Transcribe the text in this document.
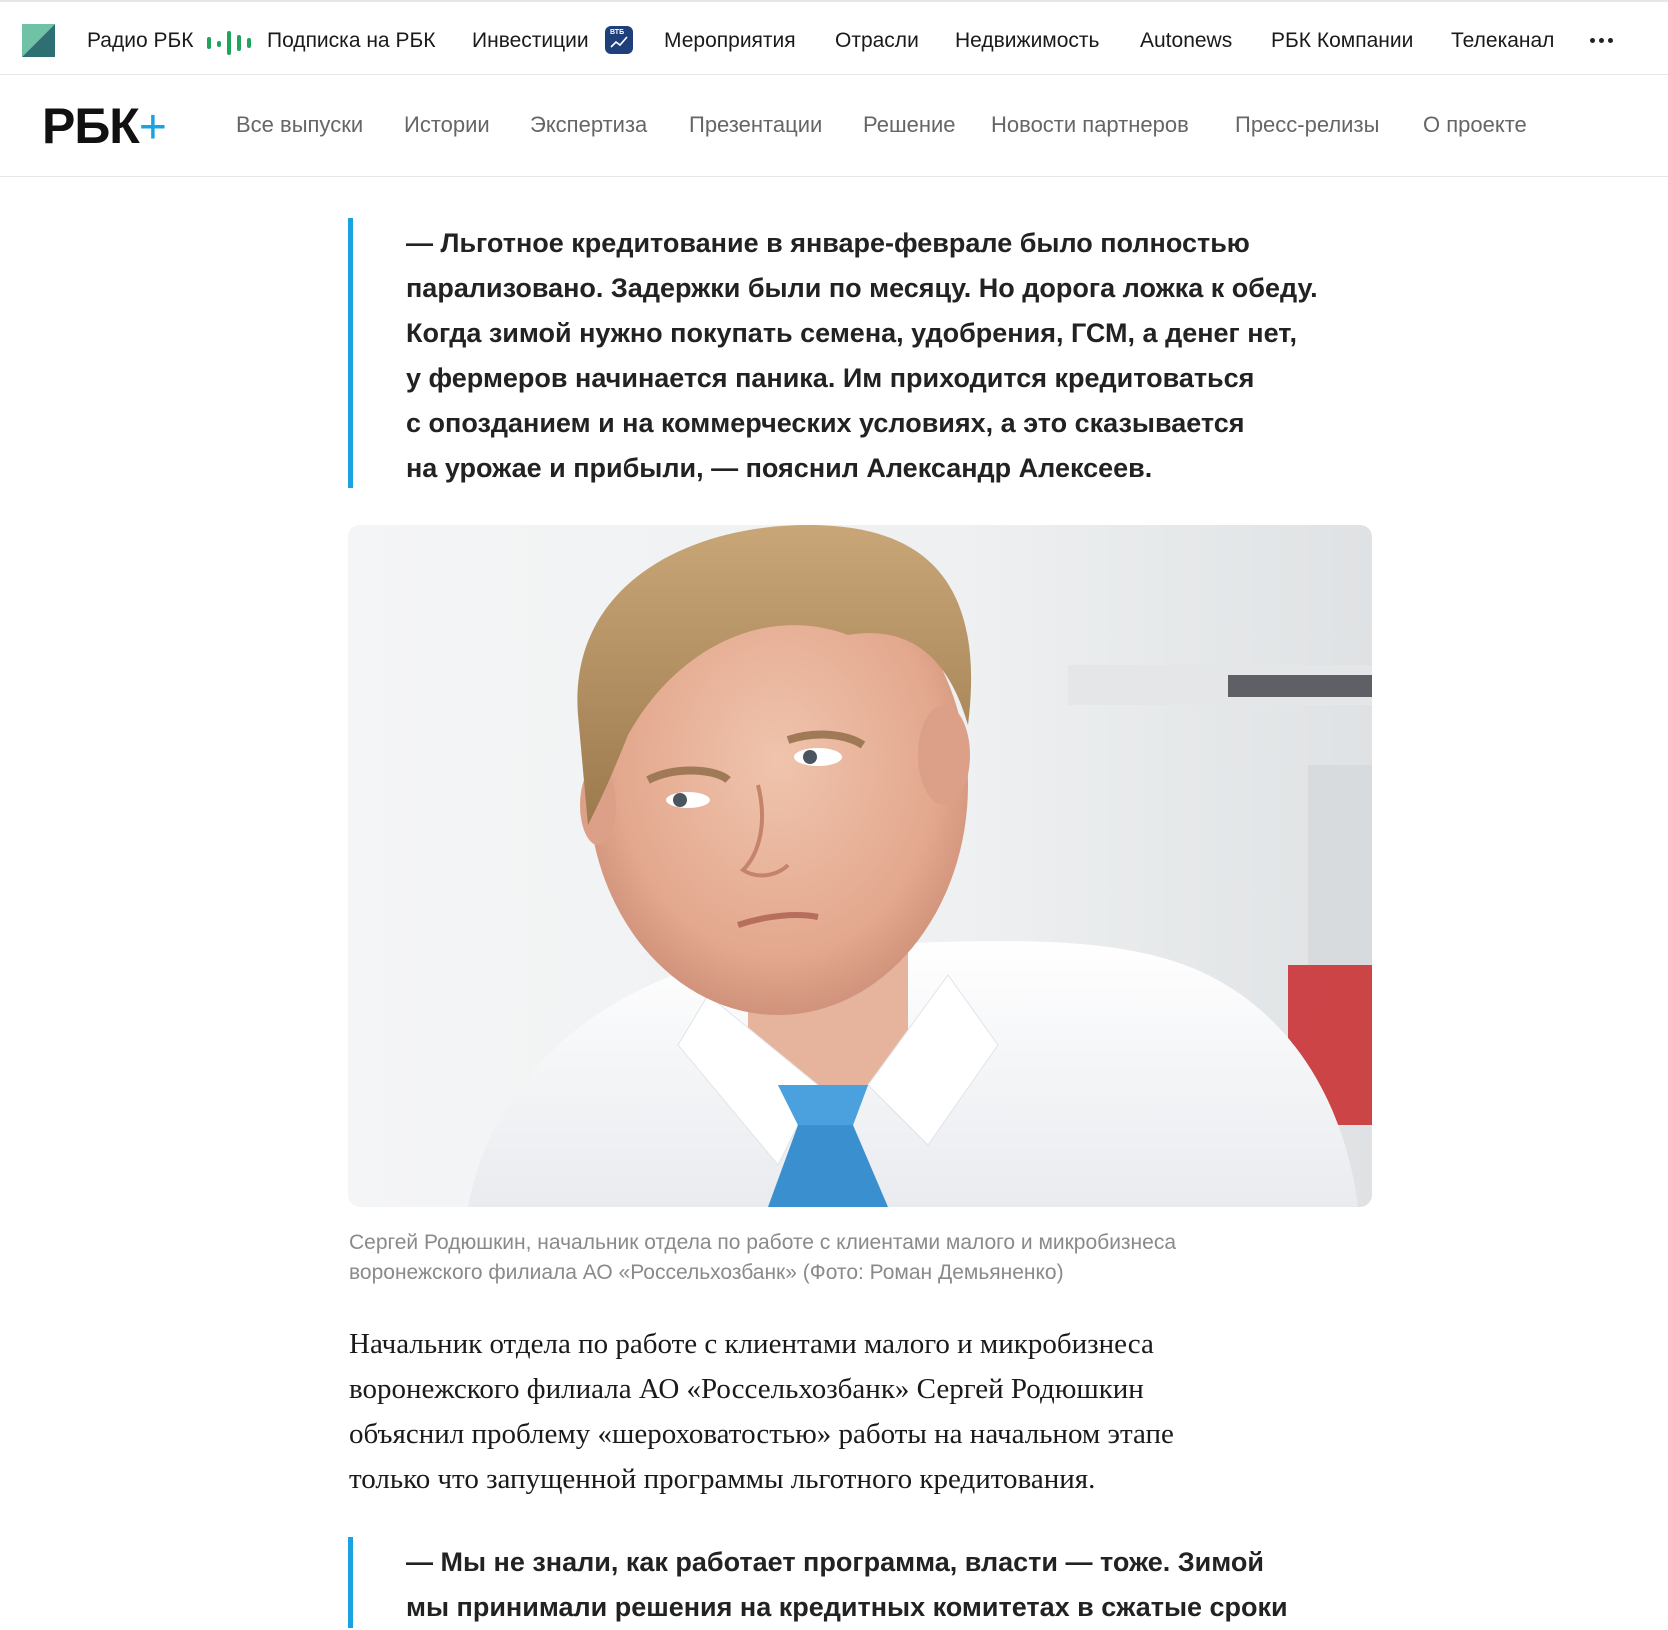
Радио РБК	Подписка на РБК Инвестиции	ВТБ Мероприятия Отрасли Недвижимость Autonews РБК Компании Телеканал
РБК+	Все выпуски Истории Экспертиза Презентации Решение Новости партнеров Пресс-релизы О проекте

— Льготное кредитование в январе-феврале было полностью

парализовано. Задержки были по месяцу. Но дорога ложка к обеду.

Когда зимой нужно покупать семена, удобрения, ГСМ, а денег нет,

у фермеров начинается паника. Им приходится кредитоваться

с опозданием и на коммерческих условиях, а это сказывается

на урожае и прибыли, — пояснил Александр Алексеев.

Сергей Родюшкин, начальник отдела по работе с клиентами малого и микробизнеса
воронежского филиала АО «Россельхозбанк» (Фото: Роман Демьяненко)
Начальник отдела по работе с клиентами малого и микробизнеса
воронежского филиала АО «Россельхозбанк» Сергей Родюшкин
объяснил проблему «шероховатостью» работы на начальном этапе
только что запущенной программы льготного кредитования.

— Мы не знали, как работает программа, власти — тоже. Зимой

мы принимали решения на кредитных комитетах в сжатые сроки
